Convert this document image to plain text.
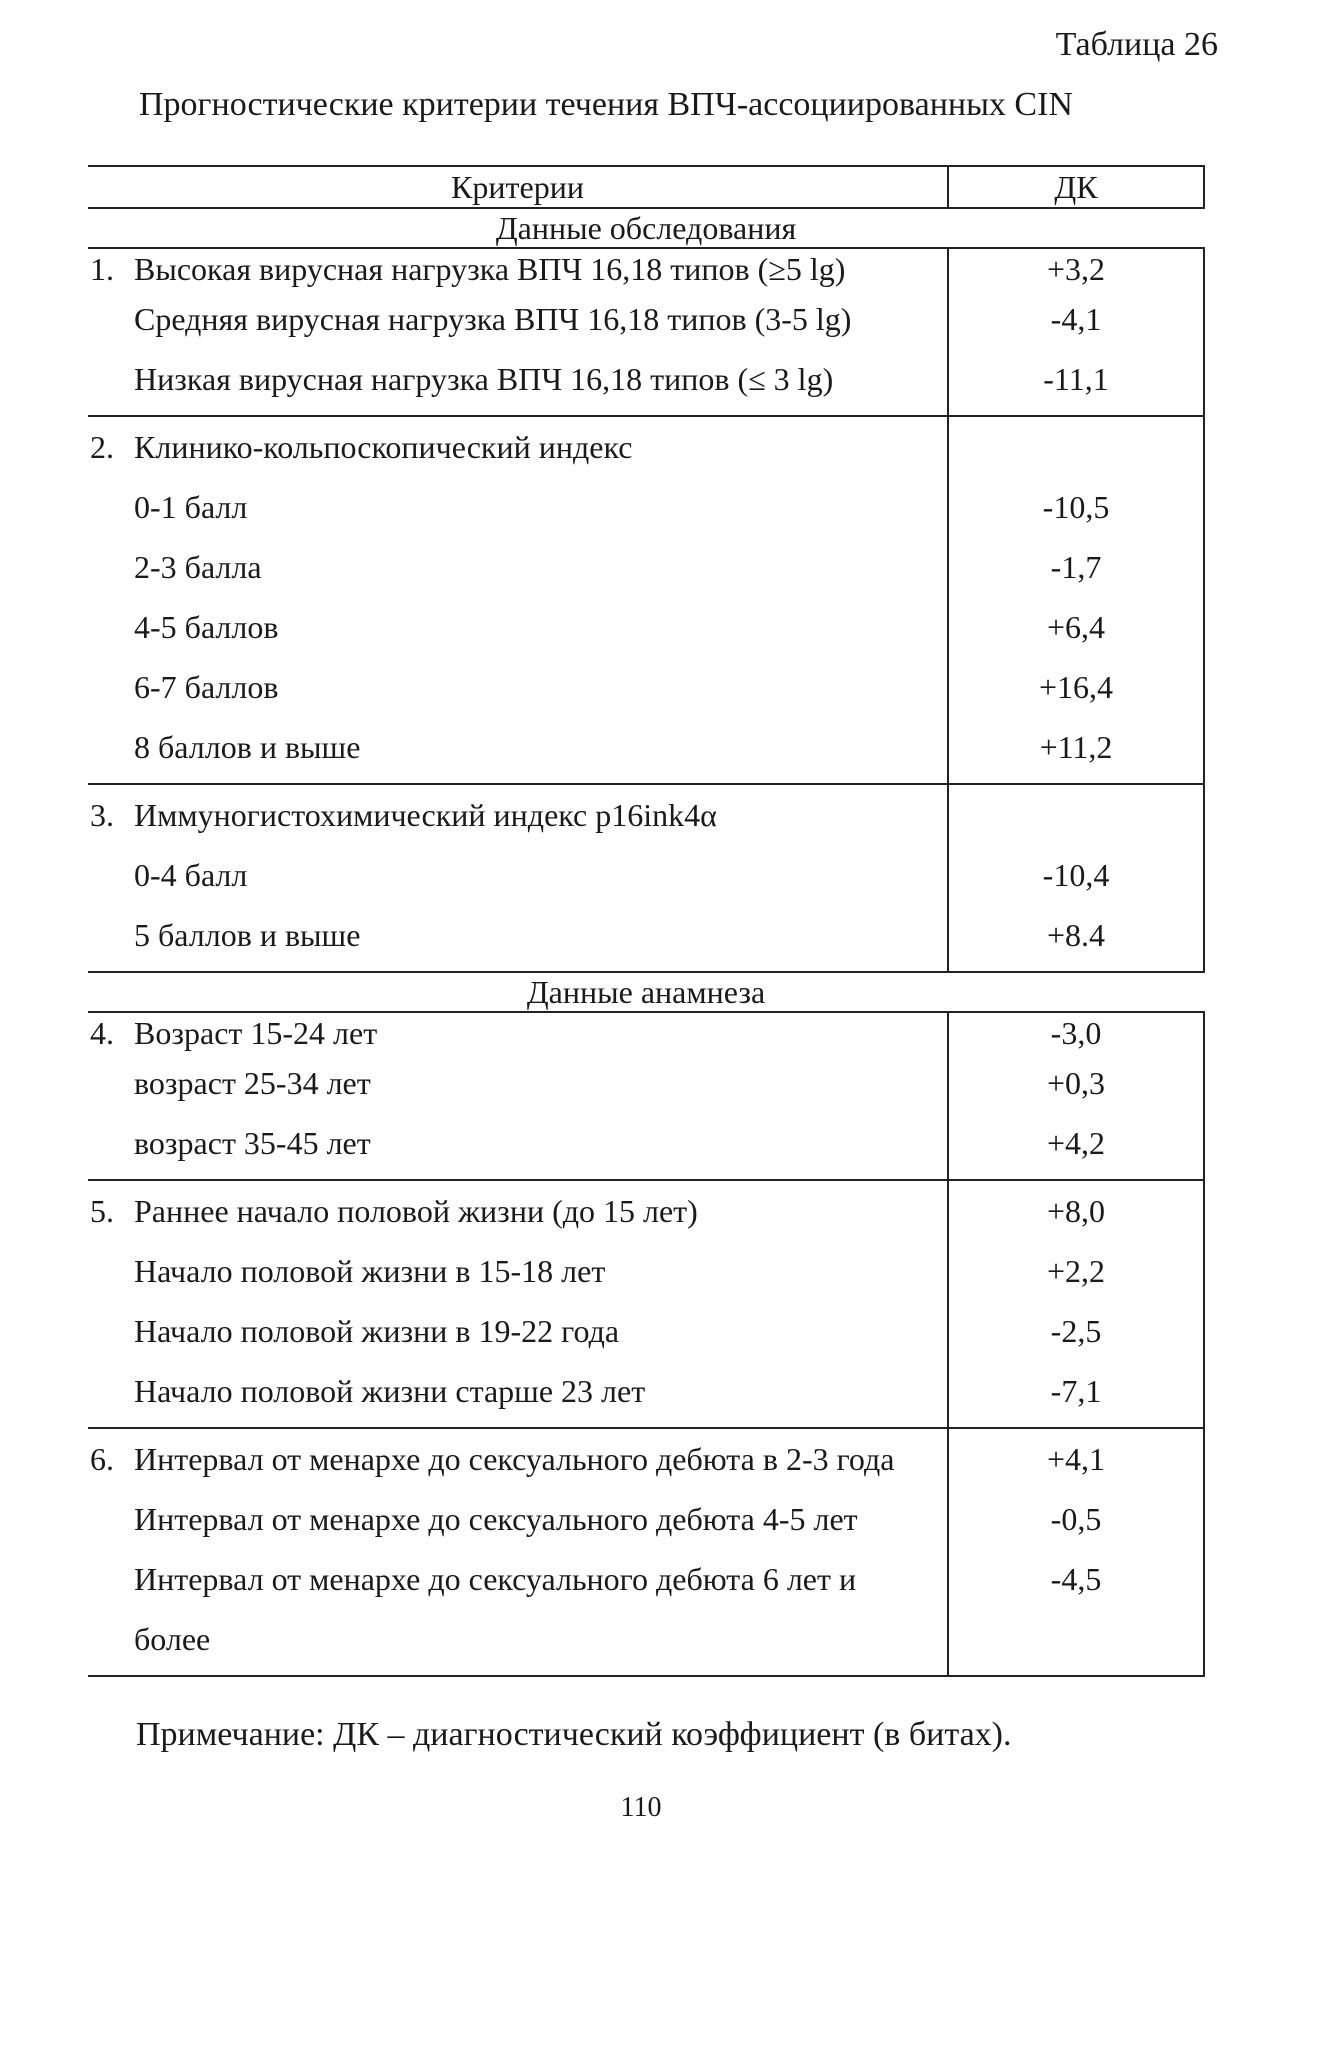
Таблица 26
Прогностические критерии течения ВПЧ-ассоциированных CIN
Критерии	ДК
Данные обследования	
1. Высокая вирусная нагрузка ВПЧ 16,18 типов (≥5 lg)	+3,2
Средняя вирусная нагрузка ВПЧ 16,18 типов (3-5 lg)	-4,1
Низкая вирусная нагрузка ВПЧ 16,18 типов (≤ 3 lg)	-11,1
2. Клинико-кольпоскопический индекс	
0-1 балл	-10,5
2-3 балла	-1,7
4-5 баллов	+6,4
6-7 баллов	+16,4
8 баллов и выше	+11,2
3. Иммуногистохимический индекс p16ink4α	
0-4 балл	-10,4
5 баллов и выше	+8.4
Данные анамнеза	
4. Возраст 15-24 лет	-3,0
возраст 25-34 лет	+0,3
возраст 35-45 лет	+4,2
5. Раннее начало половой жизни (до 15 лет)	+8,0
Начало половой жизни в 15-18 лет	+2,2
Начало половой жизни в 19-22 года	-2,5
Начало половой жизни старше 23 лет	-7,1
6. Интервал от менархе до сексуального дебюта в 2-3 года	+4,1
Интервал от менархе до сексуального дебюта 4-5 лет	-0,5
Интервал от менархе до сексуального дебюта 6 лет и более	-4,5
Примечание: ДК – диагностический коэффициент (в битах).
110
